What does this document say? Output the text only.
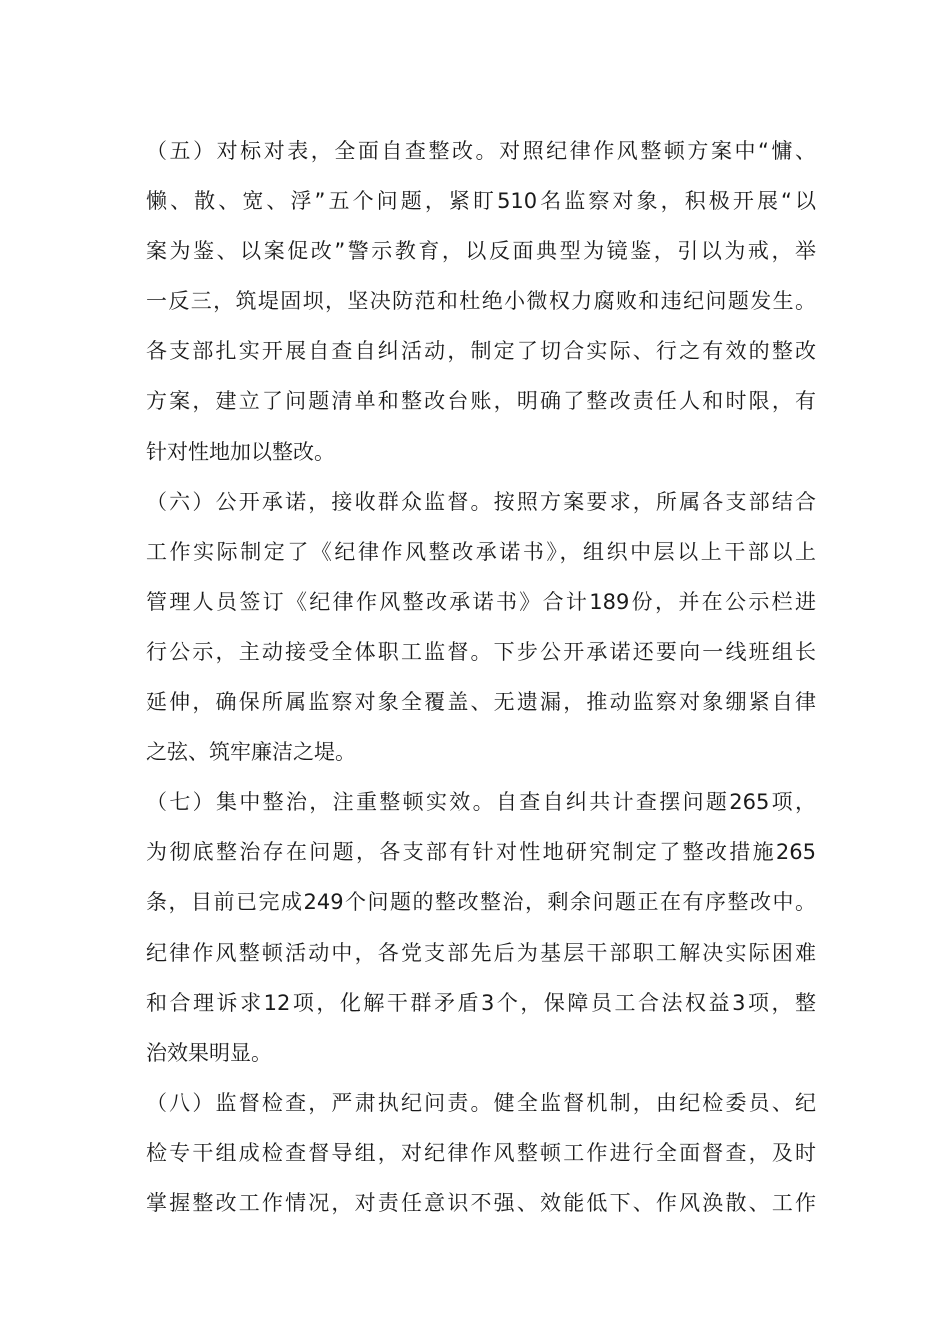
（五）对标对表，全面自查整改。对照纪律作风整顿方案中“慵、
懒、散、宽、浮”五个问题，紧盯510名监察对象，积极开展“以
案为鉴、以案促改”警示教育，以反面典型为镜鉴，引以为戒，举
一反三，筑堤固坝，坚决防范和杜绝小微权力腐败和违纪问题发生。
各支部扎实开展自查自纠活动，制定了切合实际、行之有效的整改
方案，建立了问题清单和整改台账，明确了整改责任人和时限，有
针对性地加以整改。
（六）公开承诺，接收群众监督。按照方案要求，所属各支部结合
工作实际制定了《纪律作风整改承诺书》，组织中层以上干部以上
管理人员签订《纪律作风整改承诺书》合计189份，并在公示栏进
行公示，主动接受全体职工监督。下步公开承诺还要向一线班组长
延伸，确保所属监察对象全覆盖、无遗漏，推动监察对象绷紧自律
之弦、筑牢廉洁之堤。
（七）集中整治，注重整顿实效。自查自纠共计查摆问题265项，
为彻底整治存在问题，各支部有针对性地研究制定了整改措施265
条，目前已完成249个问题的整改整治，剩余问题正在有序整改中。
纪律作风整顿活动中，各党支部先后为基层干部职工解决实际困难
和合理诉求12项，化解干群矛盾3个，保障员工合法权益3项，整
治效果明显。
（八）监督检查，严肃执纪问责。健全监督机制，由纪检委员、纪
检专干组成检查督导组，对纪律作风整顿工作进行全面督查，及时
掌握整改工作情况，对责任意识不强、效能低下、作风涣散、工作
